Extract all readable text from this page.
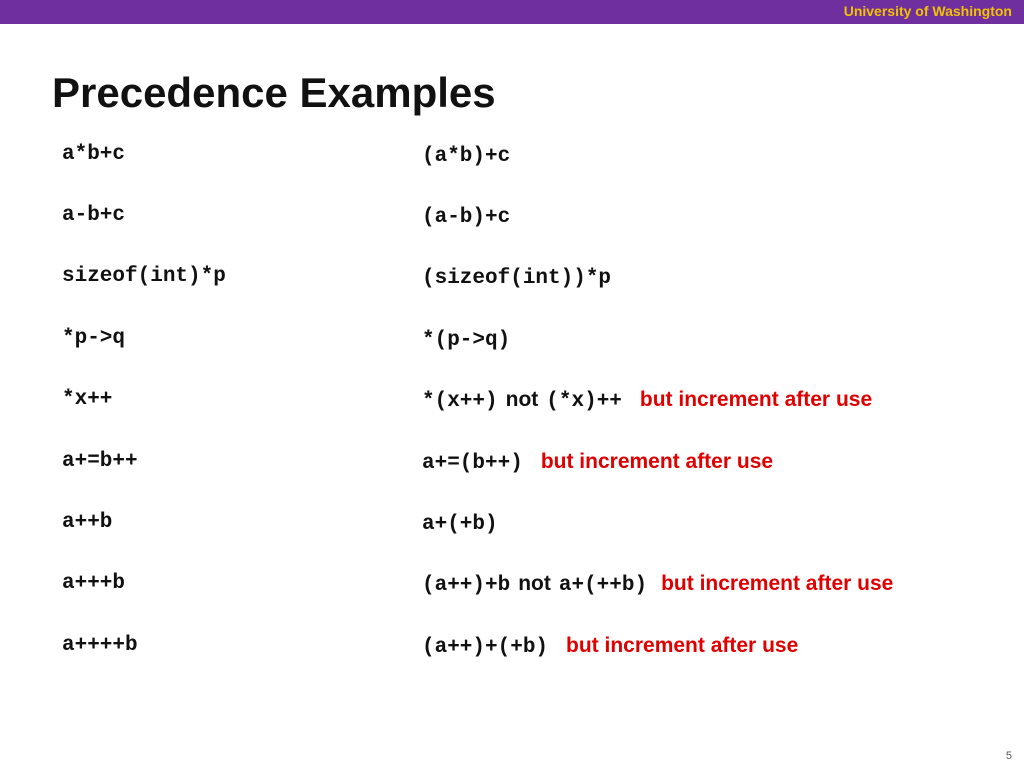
University of Washington
Precedence Examples
a*b+c	(a*b)+c
a-b+c	(a-b)+c
sizeof(int)*p	(sizeof(int))*p
*p->q	*(p->q)
*x++	*(x++) not (*x)++ but increment after use
a+=b++	a+=(b++) but increment after use
a++b	a+(+b)
a+++b	(a++)+b not a+(++b) but increment after use
a++++b	(a++)+(+b) but increment after use
5
